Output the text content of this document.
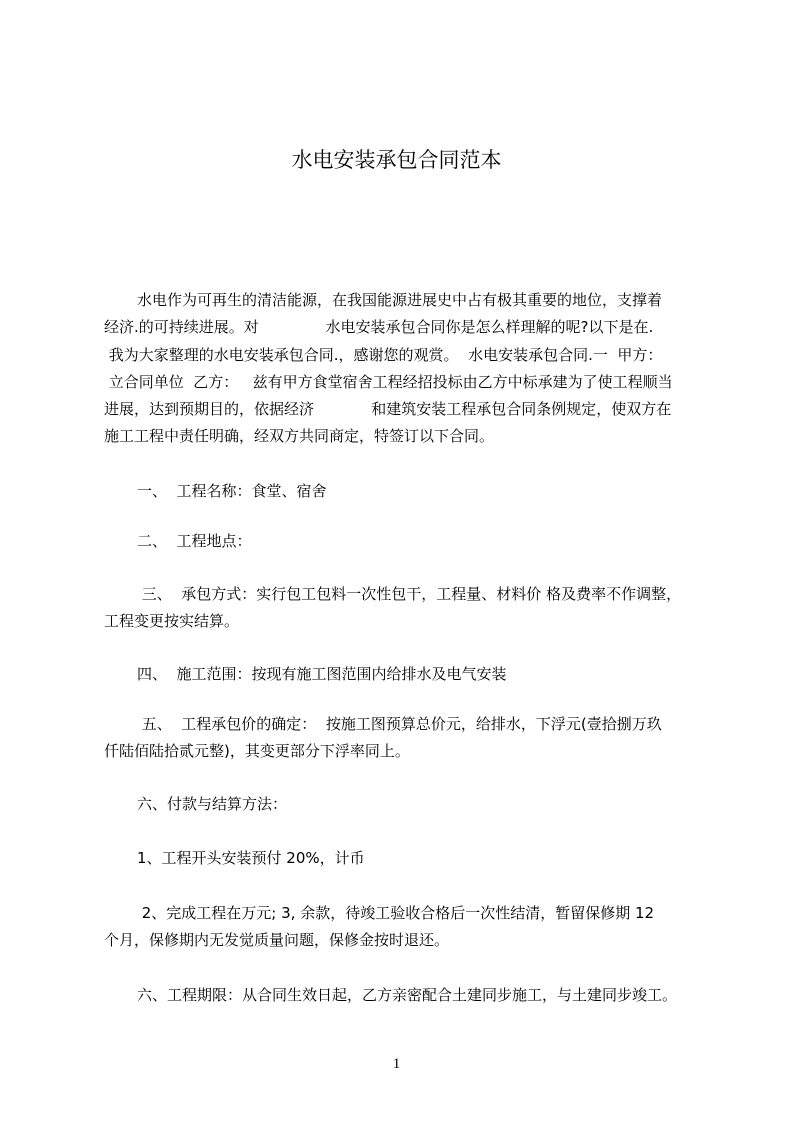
水电安装承包合同范本
水电作为可再生的清洁能源，在我国能源进展史中占有极其重要的地位，支撑着
经济.的可持续进展。对              水电安装承包合同你是怎么样理解的呢?以下是在.
我为大家整理的水电安装承包合同.，感谢您的观赏。  水电安装承包合同.一  甲方：
立合同单位  乙方：   兹有甲方食堂宿舍工程经招投标由乙方中标承建为了使工程顺当
进展，达到预期目的，依据经济            和建筑安装工程承包合同条例规定，使双方在
施工工程中责任明确，经双方共同商定，特签订以下合同。
一、  工程名称：食堂、宿舍
二、  工程地点：
三、  承包方式：实行包工包料一次性包干，工程量、材料价 格及费率不作调整，
工程变更按实结算。
四、  施工范围：按现有施工图范围内给排水及电气安装
五、  工程承包价的确定：  按施工图预算总价元，给排水，下浮元(壹拾捌万玖
仟陆佰陆拾贰元整)，其变更部分下浮率同上。
六、付款与结算方法：
1、工程开头安装预付 20%，计币
2、完成工程在万元; 3, 余款，待竣工验收合格后一次性结清，暂留保修期 12
个月，保修期内无发觉质量问题，保修金按时退还。
六、工程期限：从合同生效日起，乙方亲密配合土建同步施工，与土建同步竣工。
1
